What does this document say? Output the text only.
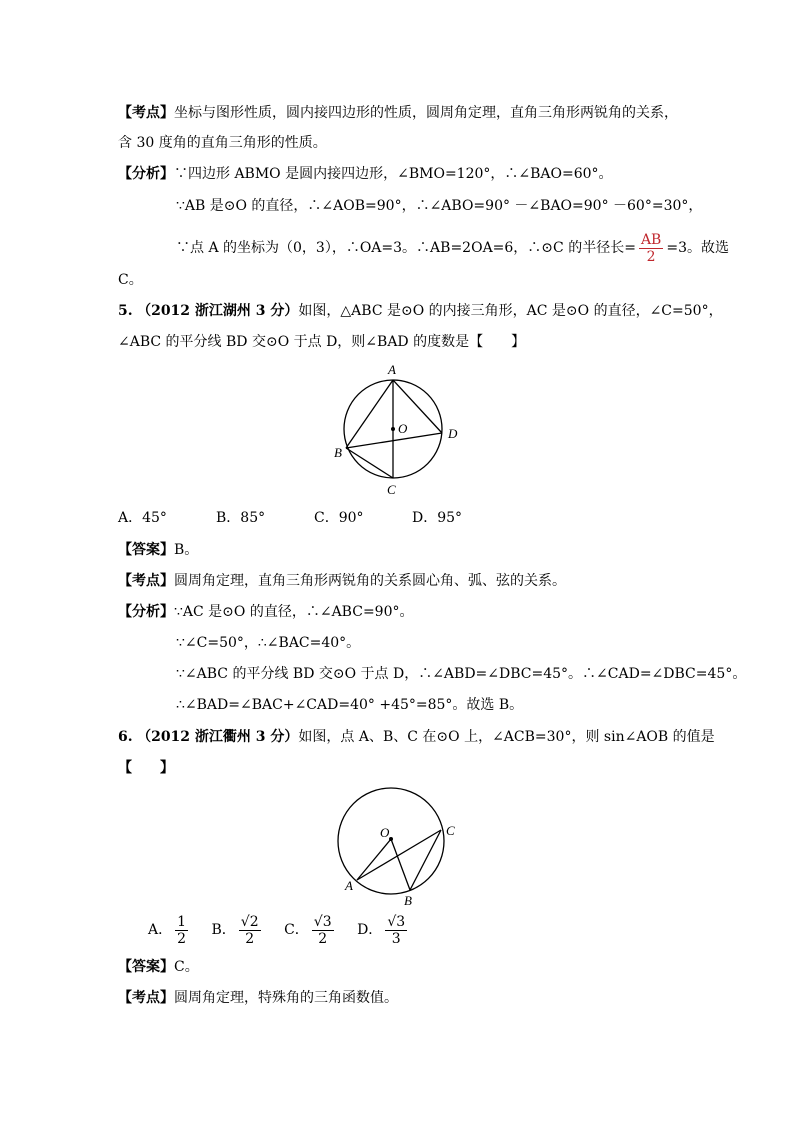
【考点】坐标与图形性质，圆内接四边形的性质，圆周角定理，直角三角形两锐角的关系，
含 30 度角的直角三角形的性质。
【分析】∵四边形 ABMO 是圆内接四边形，∠BMO=120°，∴∠BAO=60°。
∵AB 是⊙O 的直径，∴∠AOB=90°，∴∠ABO=90° －∠BAO=90° －60°=30°，
∵点 A 的坐标为（0，3），∴OA=3。∴AB=2OA=6，∴⊙C 的半径长= $\frac{AB}{2} =3$。故选
C。
5. （2012 浙江湖州 3 分）如图，△ABC 是⊙O 的内接三角形，AC 是⊙O 的直径，∠C=50°，
∠ABC 的平分线 BD 交⊙O 于点 D，则∠BAD 的度数是【　　】
A
O	D
B
C
A．45°	B．85°	C．90°	D．95°
【答案】B。
【考点】圆周角定理，直角三角形两锐角的关系圆心角、弧、弦的关系。
【分析】∵AC 是⊙O 的直径，∴∠ABC=90°。
∵∠C=50°，∴∠BAC=40°。
∵∠ABC 的平分线 BD 交⊙O 于点 D，∴∠ABD=∠DBC=45°。∴∠CAD=∠DBC=45°。
∴∠BAD=∠BAC+∠CAD=40° +45°=85°。故选 B。
6. （2012 浙江衢州 3 分）如图，点 A、B、C 在⊙O 上，∠ACB=30°，则 sin∠AOB 的值是
【　　】
O	C
A
B
A． $\frac{1}{2}$ B． $\frac{√2}{2}$ C． $\frac{√3}{2}$ D． $\frac{√3}{3}$
【答案】C。
【考点】圆周角定理，特殊角的三角函数值。
